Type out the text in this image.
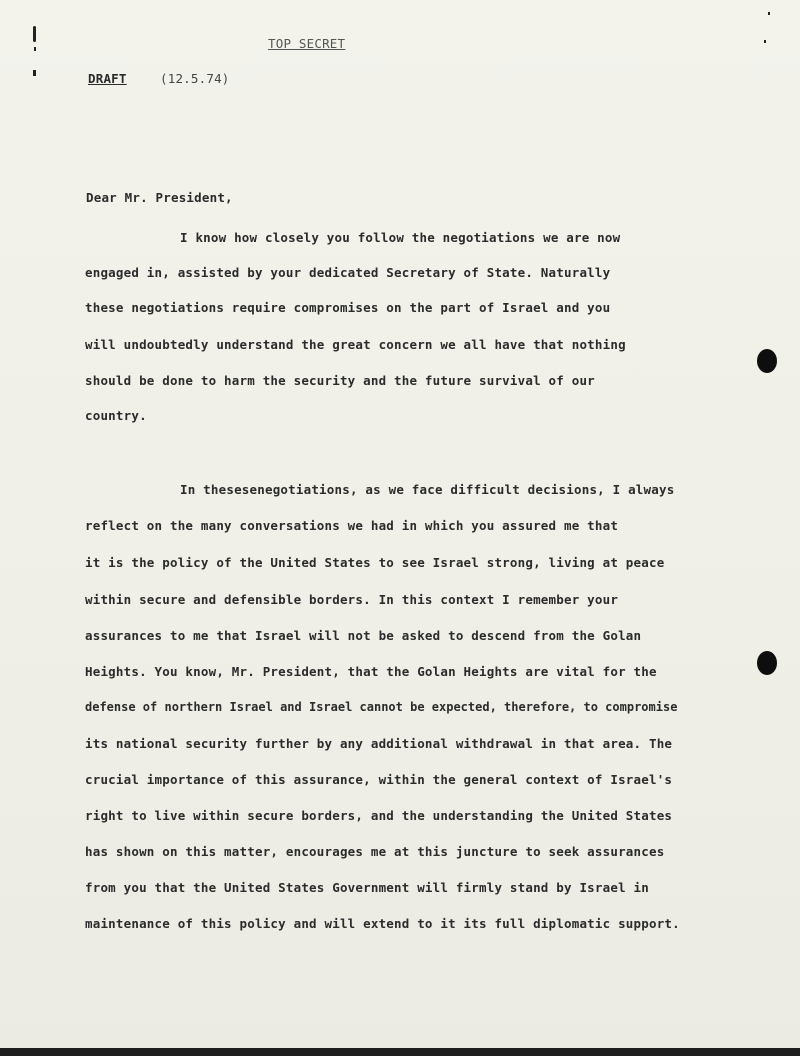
TOP SECRET
DRAFT	(12.5.74)
Dear Mr. President,
I know how closely you follow the negotiations we are now
engaged in, assisted by your dedicated Secretary of State. Naturally
these negotiations require compromises on the part of Israel and you
will undoubtedly understand the great concern we all have that nothing
should be done to harm the security and the future survival of our
country.
In thesesenegotiations, as we face difficult decisions, I always
reflect on the many conversations we had in which you assured me that
it is the policy of the United States to see Israel strong, living at peace
within secure and defensible borders. In this context I remember your
assurances to me that Israel will not be asked to descend from the Golan
Heights. You know, Mr. President, that the Golan Heights are vital for the
defense of northern Israel and Israel cannot be expected, therefore, to compromise
its national security further by any additional withdrawal in that area. The
crucial importance of this assurance, within the general context of Israel's
right to live within secure borders, and the understanding the United States
has shown on this matter, encourages me at this juncture to seek assurances
from you that the United States Government will firmly stand by Israel in
maintenance of this policy and will extend to it its full diplomatic support.
